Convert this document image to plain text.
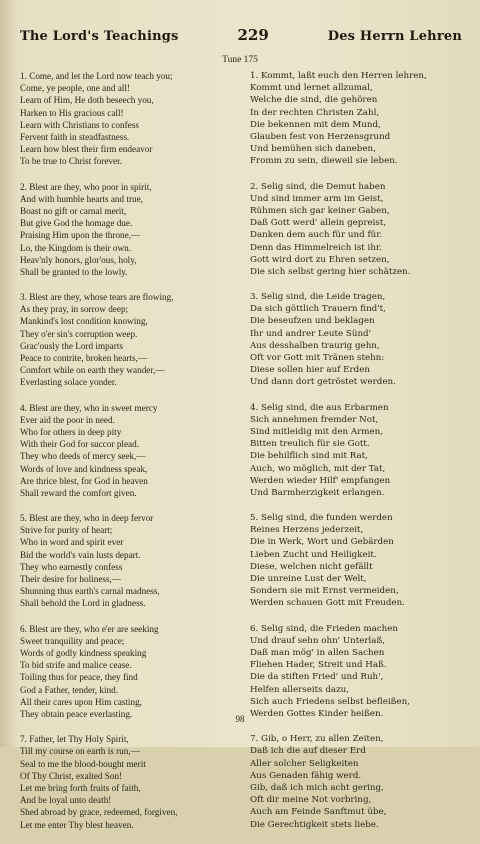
The Lord's Teachings	229	Des Herrn Lehren
Tune 175
1. Come, and let the Lord now teach you;
Come, ye people, one and all!
Learn of Him, He doth beseech you,
Harken to His gracious call!
Learn with Christians to confess
Fervent faith in steadfastness.
Learn how blest their firm endeavor
To be true to Christ forever.
2. Blest are they, who poor in spirit,
And with humble hearts and true,
Boast no gift or carnal merit,
But give God the homage due.
Praising Him upon the throne,—
Lo, the Kingdom is their own.
Heav'nly honors, glor'ous, holy,
Shall be granted to the lowly.
3. Blest are they, whose tears are flowing,
As they pray, in sorrow deep;
Mankind's lost condition knowing,
They o'er sin's corruption weep.
Grac'ously the Lord imparts
Peace to contrite, broken hearts,—
Comfort while on earth they wander,—
Everlasting solace yonder.
4. Blest are they, who in sweet mercy
Ever aid the poor in need.
Who for others in deep pity
With their God for succor plead.
They who deeds of mercy seek,—
Words of love and kindness speak,
Are thrice blest, for God in heaven
Shall reward the comfort given.
5. Blest are they, who in deep fervor
Strive for purity of heart;
Who in word and spirit ever
Bid the world's vain lusts depart.
They who earnestly confess
Their desire for holiness,—
Shunning thus earth's carnal madness,
Shall behold the Lord in gladness.
6. Blest are they, who e'er are seeking
Sweet tranquility and peace;
Words of godly kindness speaking
To bid strife and malice cease.
Toiling thus for peace, they find
God a Father, tender, kind.
All their cares upon Him casting,
They obtain peace everlasting.
7. Father, let Thy Holy Spirit,
Till my course on earth is run,—
Seal to me the blood-bought merit
Of Thy Christ, exalted Son!
Let me bring forth fruits of faith,
And be loyal unto death!
Shed abroad by grace, redeemed, forgiven,
Let me enter Thy blest heaven.
1. Kommt, laßt euch den Herren lehren,
Kommt und lernet allzumal,
Welche die sind, die gehören
In der rechten Christen Zahl,
Die bekennen mit dem Mund,
Glauben fest von Herzensgrund
Und bemühen sich daneben,
Fromm zu sein, dieweil sie leben.
2. Selig sind, die Demut haben
Und sind immer arm im Geist,
Rühmen sich gar keiner Gaben,
Daß Gott werd' allein gepreist,
Danken dem auch für und für.
Denn das Himmelreich ist ihr.
Gott wird dort zu Ehren setzen,
Die sich selbst gering hier schätzen.
3. Selig sind, die Leide tragen,
Da sich göttlich Trauern find't,
Die beseufzen und beklagen
Ihr und andrer Leute Sünd'
Aus desshalben traurig gehn,
Oft vor Gott mit Tränen stehn:
Diese sollen hier auf Erden
Und dann dort getröstet werden.
4. Selig sind, die aus Erbarmen
Sich annehmen fremder Not,
Sind mitleidig mit den Armen,
Bitten treulich für sie Gott.
Die behilflich sind mit Rat,
Auch, wo möglich, mit der Tat,
Werden wieder Hilf' empfangen
Und Barmherzigkeit erlangen.
5. Selig sind, die funden werden
Reines Herzens jederzeit,
Die in Werk, Wort und Gebärden
Lieben Zucht und Heiligkeit.
Diese, welchen nicht gefällt
Die unreine Lust der Welt,
Sondern sie mit Ernst vermeiden,
Werden schauen Gott mit Freuden.
6. Selig sind, die Frieden machen
Und drauf sehn ohn' Unterlaß,
Daß man mög' in allen Sachen
Fliehen Hader, Streit und Haß.
Die da stiften Fried' und Ruh',
Helfen allerseits dazu,
Sich auch Friedens selbst befleißen,
Werden Gottes Kinder heißen.
7. Gib, o Herr, zu allen Zeiten,
Daß ich die auf dieser Erd
Aller solcher Seligkeiten
Aus Genaden fähig werd.
Gib, daß ich mich acht gering,
Oft dir meine Not vorbring,
Auch am Feinde Sanftmut übe,
Die Gerechtigkeit stets liebe.
98
